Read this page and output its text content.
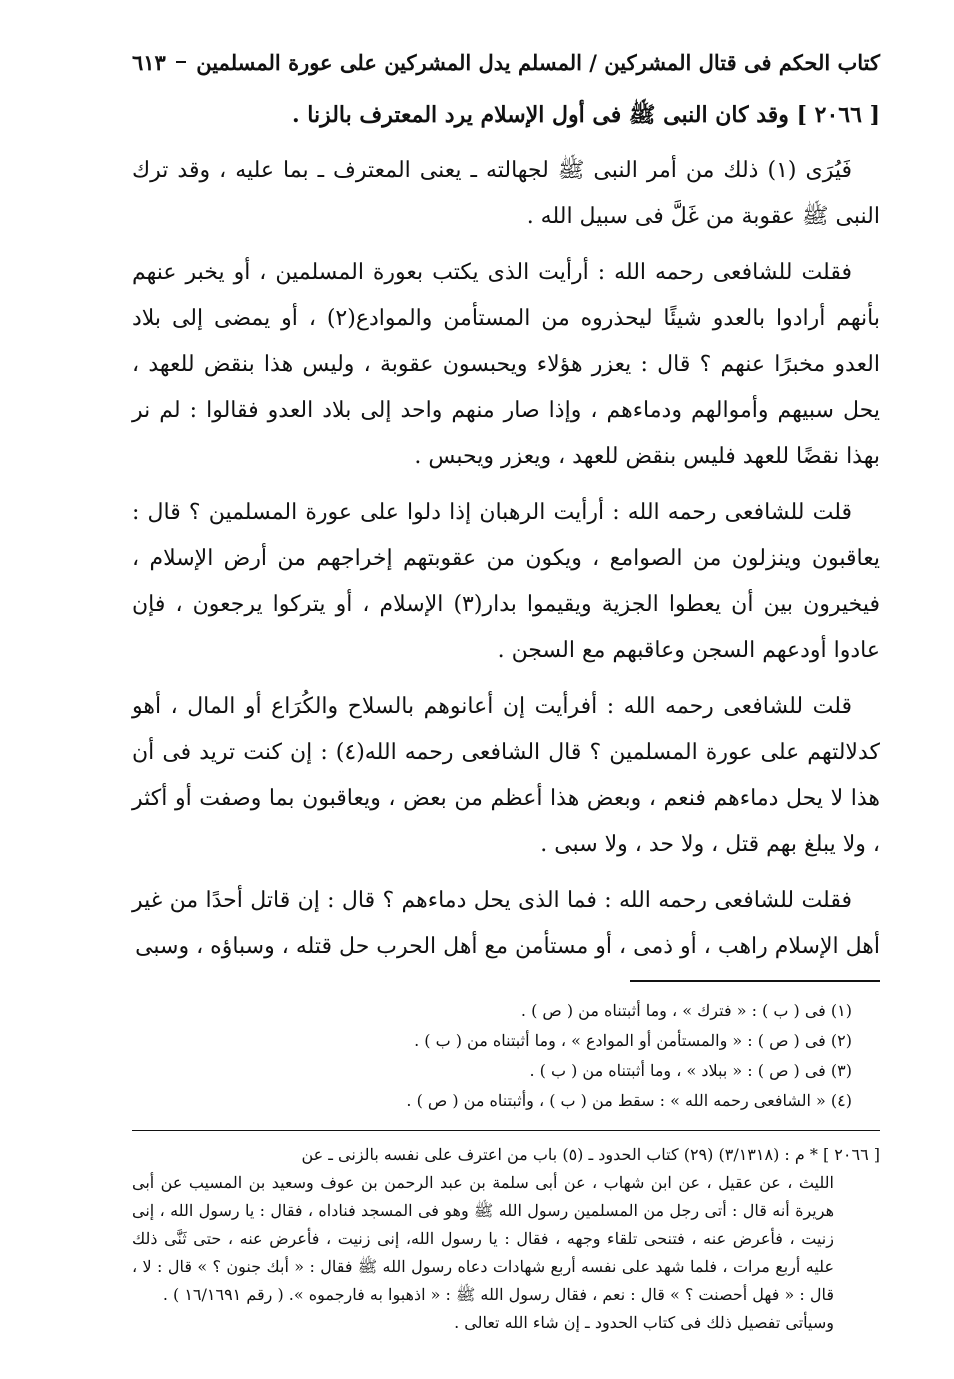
كتاب الحكم فى قتال المشركين / المسلم يدل المشركين على عورة المسلمين
٦١٣

[ ٢٠٦٦ ] وقد كان النبى ﷺ فى أول الإسلام يرد المعترف بالزنا .

فَيُرَى (١) ذلك من أمر النبى ﷺ لجهالته ـ يعنى المعترف ـ بما عليه ، وقد ترك النبى ﷺ عقوبة من غَلَّ فى سبيل الله .

فقلت للشافعى رحمه الله : أرأيت الذى يكتب بعورة المسلمين ، أو يخبر عنهم بأنهم أرادوا بالعدو شيئًا ليحذروه من المستأمن والموادع(٢) ، أو يمضى إلى بلاد العدو مخبرًا عنهم ؟ قال : يعزر هؤلاء ويحبسون عقوبة ، وليس هذا بنقض للعهد ، يحل سبيهم وأموالهم ودماءهم ، وإذا صار منهم واحد إلى بلاد العدو فقالوا : لم نر بهذا نقضًا للعهد فليس بنقض للعهد ، ويعزر ويحبس .

قلت للشافعى رحمه الله : أرأيت الرهبان إذا دلوا على عورة المسلمين ؟ قال : يعاقبون وينزلون من الصوامع ، ويكون من عقوبتهم إخراجهم من أرض الإسلام ، فيخيرون بين أن يعطوا الجزية ويقيموا بدار(٣) الإسلام ، أو يتركوا يرجعون ، فإن عادوا أودعهم السجن وعاقبهم مع السجن .

قلت للشافعى رحمه الله : أفرأيت إن أعانوهم بالسلاح والكُرَاع أو المال ، أهو كدلالتهم على عورة المسلمين ؟ قال الشافعى رحمه الله(٤) : إن كنت تريد فى أن هذا لا يحل دماءهم فنعم ، وبعض هذا أعظم من بعض ، ويعاقبون بما وصفت أو أكثر ، ولا يبلغ بهم قتل ، ولا حد ، ولا سبى .

فقلت للشافعى رحمه الله : فما الذى يحل دماءهم ؟ قال : إن قاتل أحدًا من غير أهل الإسلام راهب ، أو ذمى ، أو مستأمن مع أهل الحرب حل قتله ، وسباؤه ، وسبى

(١) فى ( ب ) : « فترك » ، وما أثبتناه من ( ص ) .
(٢) فى ( ص ) : « والمستأمن أو الموادع » ، وما أثبتناه من ( ب ) .
(٣) فى ( ص ) : « ببلاد » ، وما أثبتناه من ( ب ) .
(٤) « الشافعى رحمه الله » : سقط من ( ب ) ، وأثبتناه من ( ص ) .
[ ٢٠٦٦ ] * م : (٣/١٣١٨) (٢٩) كتاب الحدود ـ (٥) باب من اعترف على نفسه بالزنى ـ عن
الليث ، عن عقيل ، عن ابن شهاب ، عن أبى سلمة بن عبد الرحمن بن عوف وسعيد بن المسيب عن أبى هريرة أنه قال : أتى رجل من المسلمين رسول الله ﷺ وهو فى المسجد فناداه ، فقال : يا رسول الله ، إنى زنيت ، فأعرض عنه ، فتنحى تلقاء وجهه ، فقال : يا رسول الله، إنى زنيت ، فأعرض عنه ، حتى ثَنَّى ذلك عليه أربع مرات ، فلما شهد على نفسه أربع شهادات دعاه رسول الله ﷺ فقال : « أبك جنون ؟ » قال : لا ، قال : « فهل أحصنت ؟ » قال : نعم ، فقال رسول الله ﷺ : « اذهبوا به فارجموه ». ( رقم ١٦/١٦٩١ ) .
وسيأتى تفصيل ذلك فى كتاب الحدود ـ إن شاء الله تعالى .
